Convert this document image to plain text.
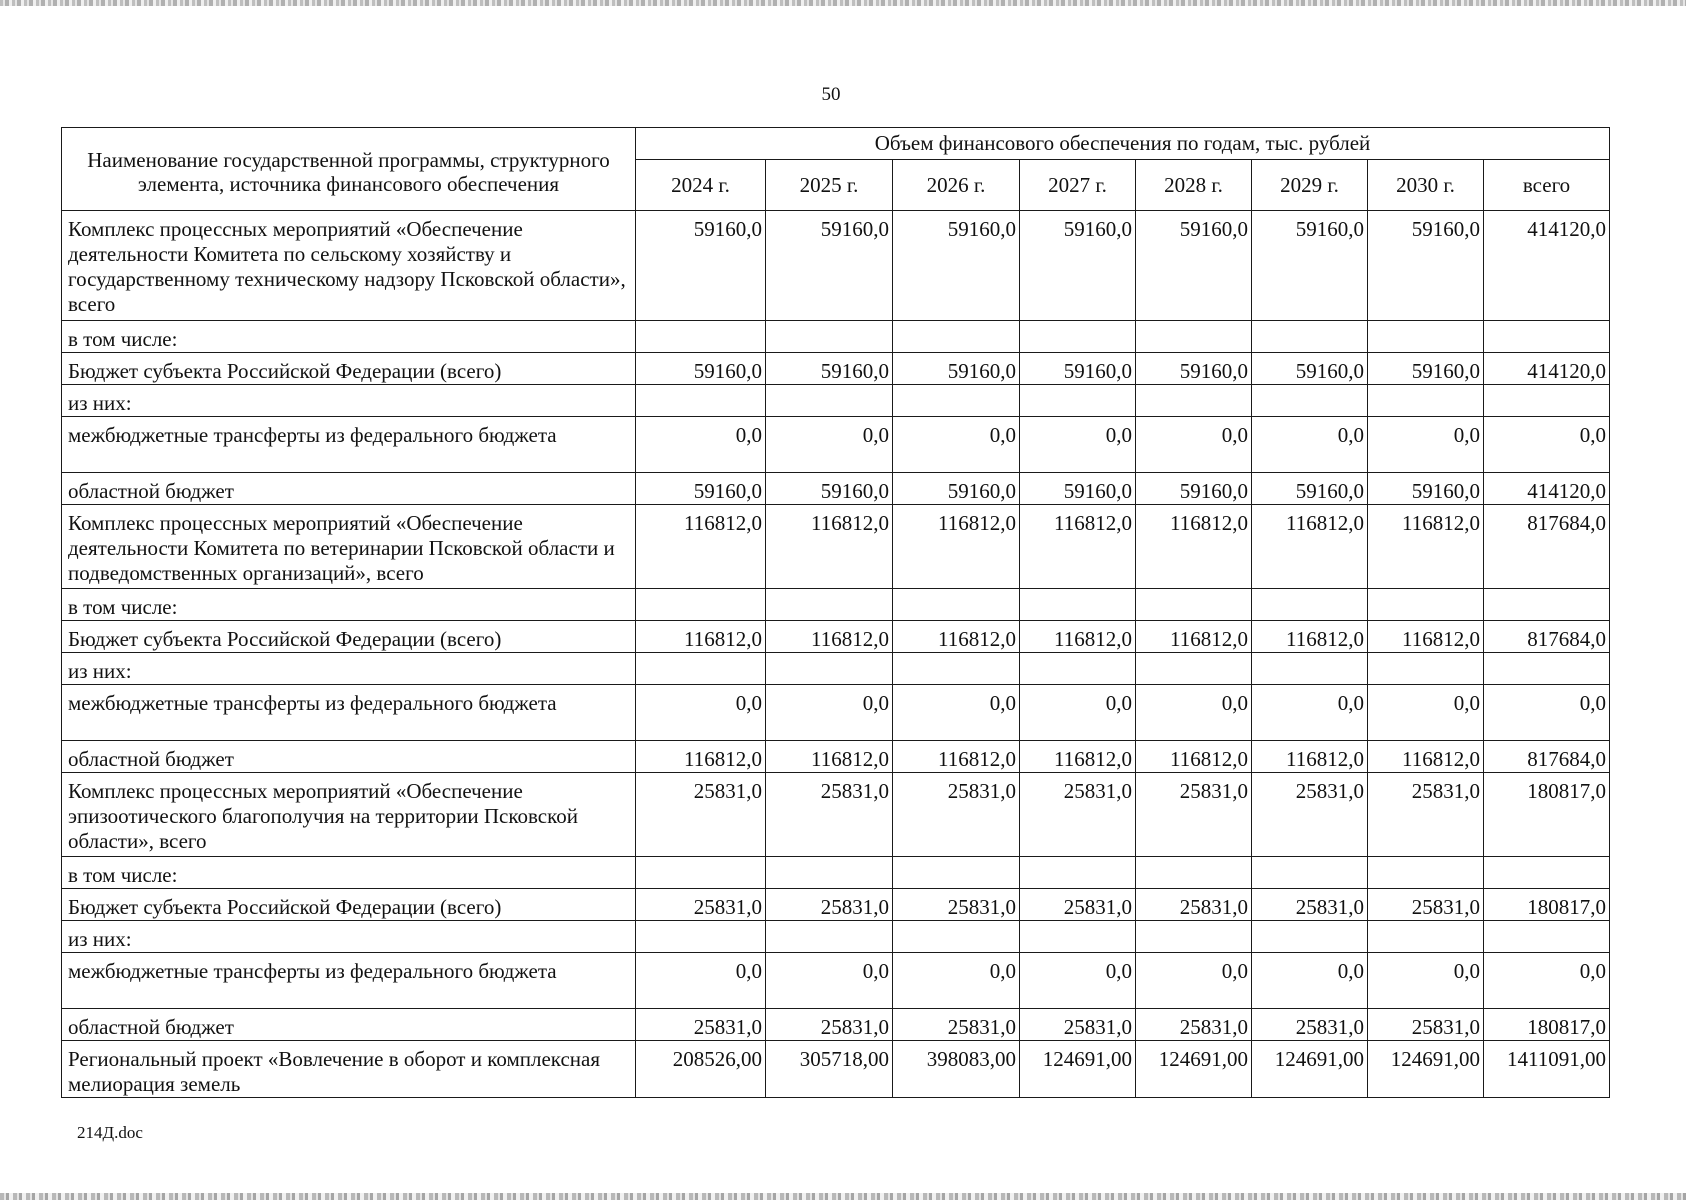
50
Наименование государственной программы, структурного элемента, источника финансового обеспечения	Объем финансового обеспечения по годам, тыс. рублей							
	2024 г.	2025 г.	2026 г.	2027 г.	2028 г.	2029 г.	2030 г.	всего
Комплекс процессных мероприятий «Обеспечение деятельности Комитета по сельскому хозяйству и государственному техническому надзору Псковской области», всего	59160,0	59160,0	59160,0	59160,0	59160,0	59160,0	59160,0	414120,0
в том числе:								
Бюджет субъекта Российской Федерации (всего)	59160,0	59160,0	59160,0	59160,0	59160,0	59160,0	59160,0	414120,0
из них:								
межбюджетные трансферты из федерального бюджета	0,0	0,0	0,0	0,0	0,0	0,0	0,0	0,0
областной бюджет	59160,0	59160,0	59160,0	59160,0	59160,0	59160,0	59160,0	414120,0
Комплекс процессных мероприятий «Обеспечение деятельности Комитета по ветеринарии Псковской области и подведомственных организаций», всего	116812,0	116812,0	116812,0	116812,0	116812,0	116812,0	116812,0	817684,0
в том числе:								
Бюджет субъекта Российской Федерации (всего)	116812,0	116812,0	116812,0	116812,0	116812,0	116812,0	116812,0	817684,0
из них:								
межбюджетные трансферты из федерального бюджета	0,0	0,0	0,0	0,0	0,0	0,0	0,0	0,0
областной бюджет	116812,0	116812,0	116812,0	116812,0	116812,0	116812,0	116812,0	817684,0
Комплекс процессных мероприятий «Обеспечение эпизоотического благополучия на территории Псковской области», всего	25831,0	25831,0	25831,0	25831,0	25831,0	25831,0	25831,0	180817,0
в том числе:								
Бюджет субъекта Российской Федерации (всего)	25831,0	25831,0	25831,0	25831,0	25831,0	25831,0	25831,0	180817,0
из них:								
межбюджетные трансферты из федерального бюджета	0,0	0,0	0,0	0,0	0,0	0,0	0,0	0,0
областной бюджет	25831,0	25831,0	25831,0	25831,0	25831,0	25831,0	25831,0	180817,0
Региональный проект «Вовлечение в оборот и комплексная мелиорация земель	208526,00	305718,00	398083,00	124691,00	124691,00	124691,00	124691,00	1411091,00
214Д.doc
